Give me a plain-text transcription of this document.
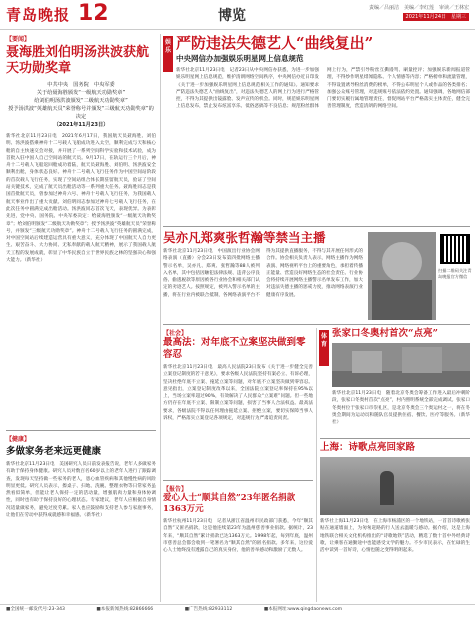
青岛晚报 12	博览	责编／吕丽洁　美编／李红莲　审读／王林宏
2021年11月24日　星期三
【要闻】
聂海胜刘伯明汤洪波获航天功勋奖章
中共中央　国务院　中央军委
关于给聂海胜颁发“一级航天功勋奖章”
给刘伯明汤洪波颁发“二级航天功勋奖章”
授予汤洪波“英雄航天员”荣誉称号并颁发“三级航天功勋奖章”的决定
（2021年11月23日）
新华社北京11月23日电　2021年6月17日，我国航天员聂海胜、刘伯明、汤洪波搭乘神舟十二号载人飞船成功进入太空，顺利完成与天和核心舱的自主快速交会对接，并开展了一系列空间科学实验和技术试验，成为首批入驻中国人自己空间站的航天员。9月17日，在轨运行三个月后，神舟十二号载人飞船返回舱成功着陆，航天员聂海胜、刘伯明、汤洪波安全顺利出舱，身体状态良好。神舟十二号载人飞行任务作为中国空间站阶段的首次载人飞行任务，实现了空间站组合体长期驻留航天员，验证了空间站关键技术，完成了航天员出舱活动等一系列重大任务。聂海胜同志是我国首批航天员，曾参加过神舟六号、神舟十号载人飞行任务，为我国载人航天事业作出了重大贡献。刘伯明同志参加过神舟七号载人飞行任务，在此次任务中圆满完成出舱活动。汤洪波同志首次飞天，表现优异。为表彰先进，党中央、国务院、中央军委决定：给聂海胜颁发“一级航天功勋奖章”；给刘伯明颁发“二级航天功勋奖章”；授予汤洪波“英雄航天员”荣誉称号，并颁发“三级航天功勋奖章”。神舟十二号载人飞行任务的圆满完成，对中国空间站后续建造运营具有重大意义，充分体现了中国航天人自力更生、艰苦奋斗、大力协同、无私奉献的载人航天精神，展示了我国载人航天工程的发展成就，彰显了中华民族自立于世界民族之林的坚强决心和强大能力。（新华社）
【健康】
多做家务老来远更健康
新华社北京11月23日电　美国研究人员日前发表报告说，老年人多做家务有助于保持身体健康。研究人员对数百名60岁以上的老年人进行了跟踪调查，发现每天坚持做一些家务的老人，患心血管疾病和其他慢性病的风险明显更低。研究人员表示，擦桌子、扫地、洗碗、整理衣物等日常家务虽然看似简单，但能让老人保持一定的活动量，增强肌肉力量和身体协调性，同时也有助于保持良好的心理状态。专家建议，老年人应根据自身情况适量做家务，避免过度劳累。家人也应鼓励和支持老人参与家庭事务，让他们在劳动中获得成就感和幸福感。（新华社）
娱乐 严防违法失德艺人“曲线复出”
中央网信办加强娱乐明星网上信息规范
新华社北京11月23日电　记者23日从中央网信办获悉，为进一步加强娱乐明星网上信息规范，维护清朗网络空间秩序，中央网信办近日印发《关于进一步加强娱乐明星网上信息规范相关工作的通知》。通知要求严防违法失德艺人“曲线复出”，对违法失德艺人的网上行为进行严格管控，不得为其提供出镜露脸、发声宣传的机会。同时，规范娱乐明星网上信息发布，禁止发布炫富享乐、低俗恶搞等不良信息；规范粉丝群体网上行为，严禁引导粉丝互撕谩骂、刷量控评；加强娱乐新闻报道管理，不得炒作明星绯闻隐私、个人情感等内容；严格榜单和流量管理，不得设置诱导粉丝消费的榜单，不得公布明星个人或作品的各类排名；加强公众账号管理，对违规账号依法依约处置。通知强调，各地网信部门要切实履行属地管理责任，督促网站平台严格落实主体责任，健全完善管理制度，营造清朗的网络空间。
吴亦凡郑爽张哲瀚等禁当主播
新华社北京11月23日电　中国演出行业协会网络表演（直播）分会23日发布第四批网络主播警示名单，吴亦凡、郑爽、张哲瀚等88人被列入名单，其中包括因触犯法律法规、违背公序良俗、偷逃税款等原因被各行业协会和相关部门认定的劣迹艺人。按照规定，被列入警示名单的主播，将在行业内被联合抵制，各网络表演平台不得为其提供直播服务，不得与其开展任何形式的合作。协会相关负责人表示，网络主播作为网络表演、网络视听平台上的重要角色，承担着传播正能量、营造良好网络生态的社会责任。行业协会将持续开展网络主播警示名单发布工作，加大对违法失德主播的惩戒力度，推动网络表演行业健康有序发展。
扫描二维码关注青岛晚报官方微信
【社会】
最高法：对年底不立案坚决做到零容忍
新华社北京11月23日电　最高人民法院23日发布《关于进一步健全完善立案登记制度的若干意见》，要求各级人民法院坚持有案必立、有诉必理，坚决杜绝年底不立案、拖延立案等问题，对年底不立案坚决做到零容忍。意见指出，立案登记制度改革以来，全国法院立案登记率保持在95%以上，当场立案率超过90%，有效解决了人民群众“立案难”问题。但一些地方仍存在年底不立案、限制立案等问题，损害了当事人合法权益。最高法要求，各级法院不得以任何理由拖延立案、拒绝立案，要切实保障当事人诉权，严格落实立案登记各项规定，对违规行为严肃追责问责。
体育
张家口冬奥村首次“点亮”
新华社北京11月23日电　随着北京冬奥会筹备工作进入最后冲刺阶段，张家口冬奥村首次“点亮”，村内照明系统全部完成调试。张家口冬奥村位于张家口市崇礼区，是北京冬奥会三个奥运村之一，将在冬奥会期间为运动员和随队官员提供住宿、餐饮、医疗等服务。（新华社）
上海：诗歌点亮回家路
新华社上海11月23日电　在上海市杨浦区的一个地铁站，一首首诗歌被张贴在通道墙面上，为匆匆赶路的行人送去温暖与感动。据介绍，这是上海地铁联合相关文化机构推出的“诗歌地铁”活动，精选了数十首中外经典诗歌，让乘客在通勤途中也能感受文学的魅力。不少市民表示，在忙碌的生活中读到一首好诗，心情也随之变得明朗起来。
【报告】
爱心人士“顺其自然”23年匿名捐款1363万元
新华社杭州11月23日电　记者从浙江省温州市民政部门获悉，今年“顺其自然”又匿名捐款，这是他连续第23年为温州慈善事业捐款。据统计，23年来，“顺其自然”累计捐款已达1363万元。1998年起，每到年底，温州市慈善总会都会收到一笔署名为“顺其自然”的匿名捐款。多年来，这位爱心人士始终没有透露自己的真实身份，他的善举感动和激励了无数人。
■全国统一邮发代号:23-343	■本报新闻热线:82866666	■广告热线:82933112	■本报网址:www.qingdaonews.com
